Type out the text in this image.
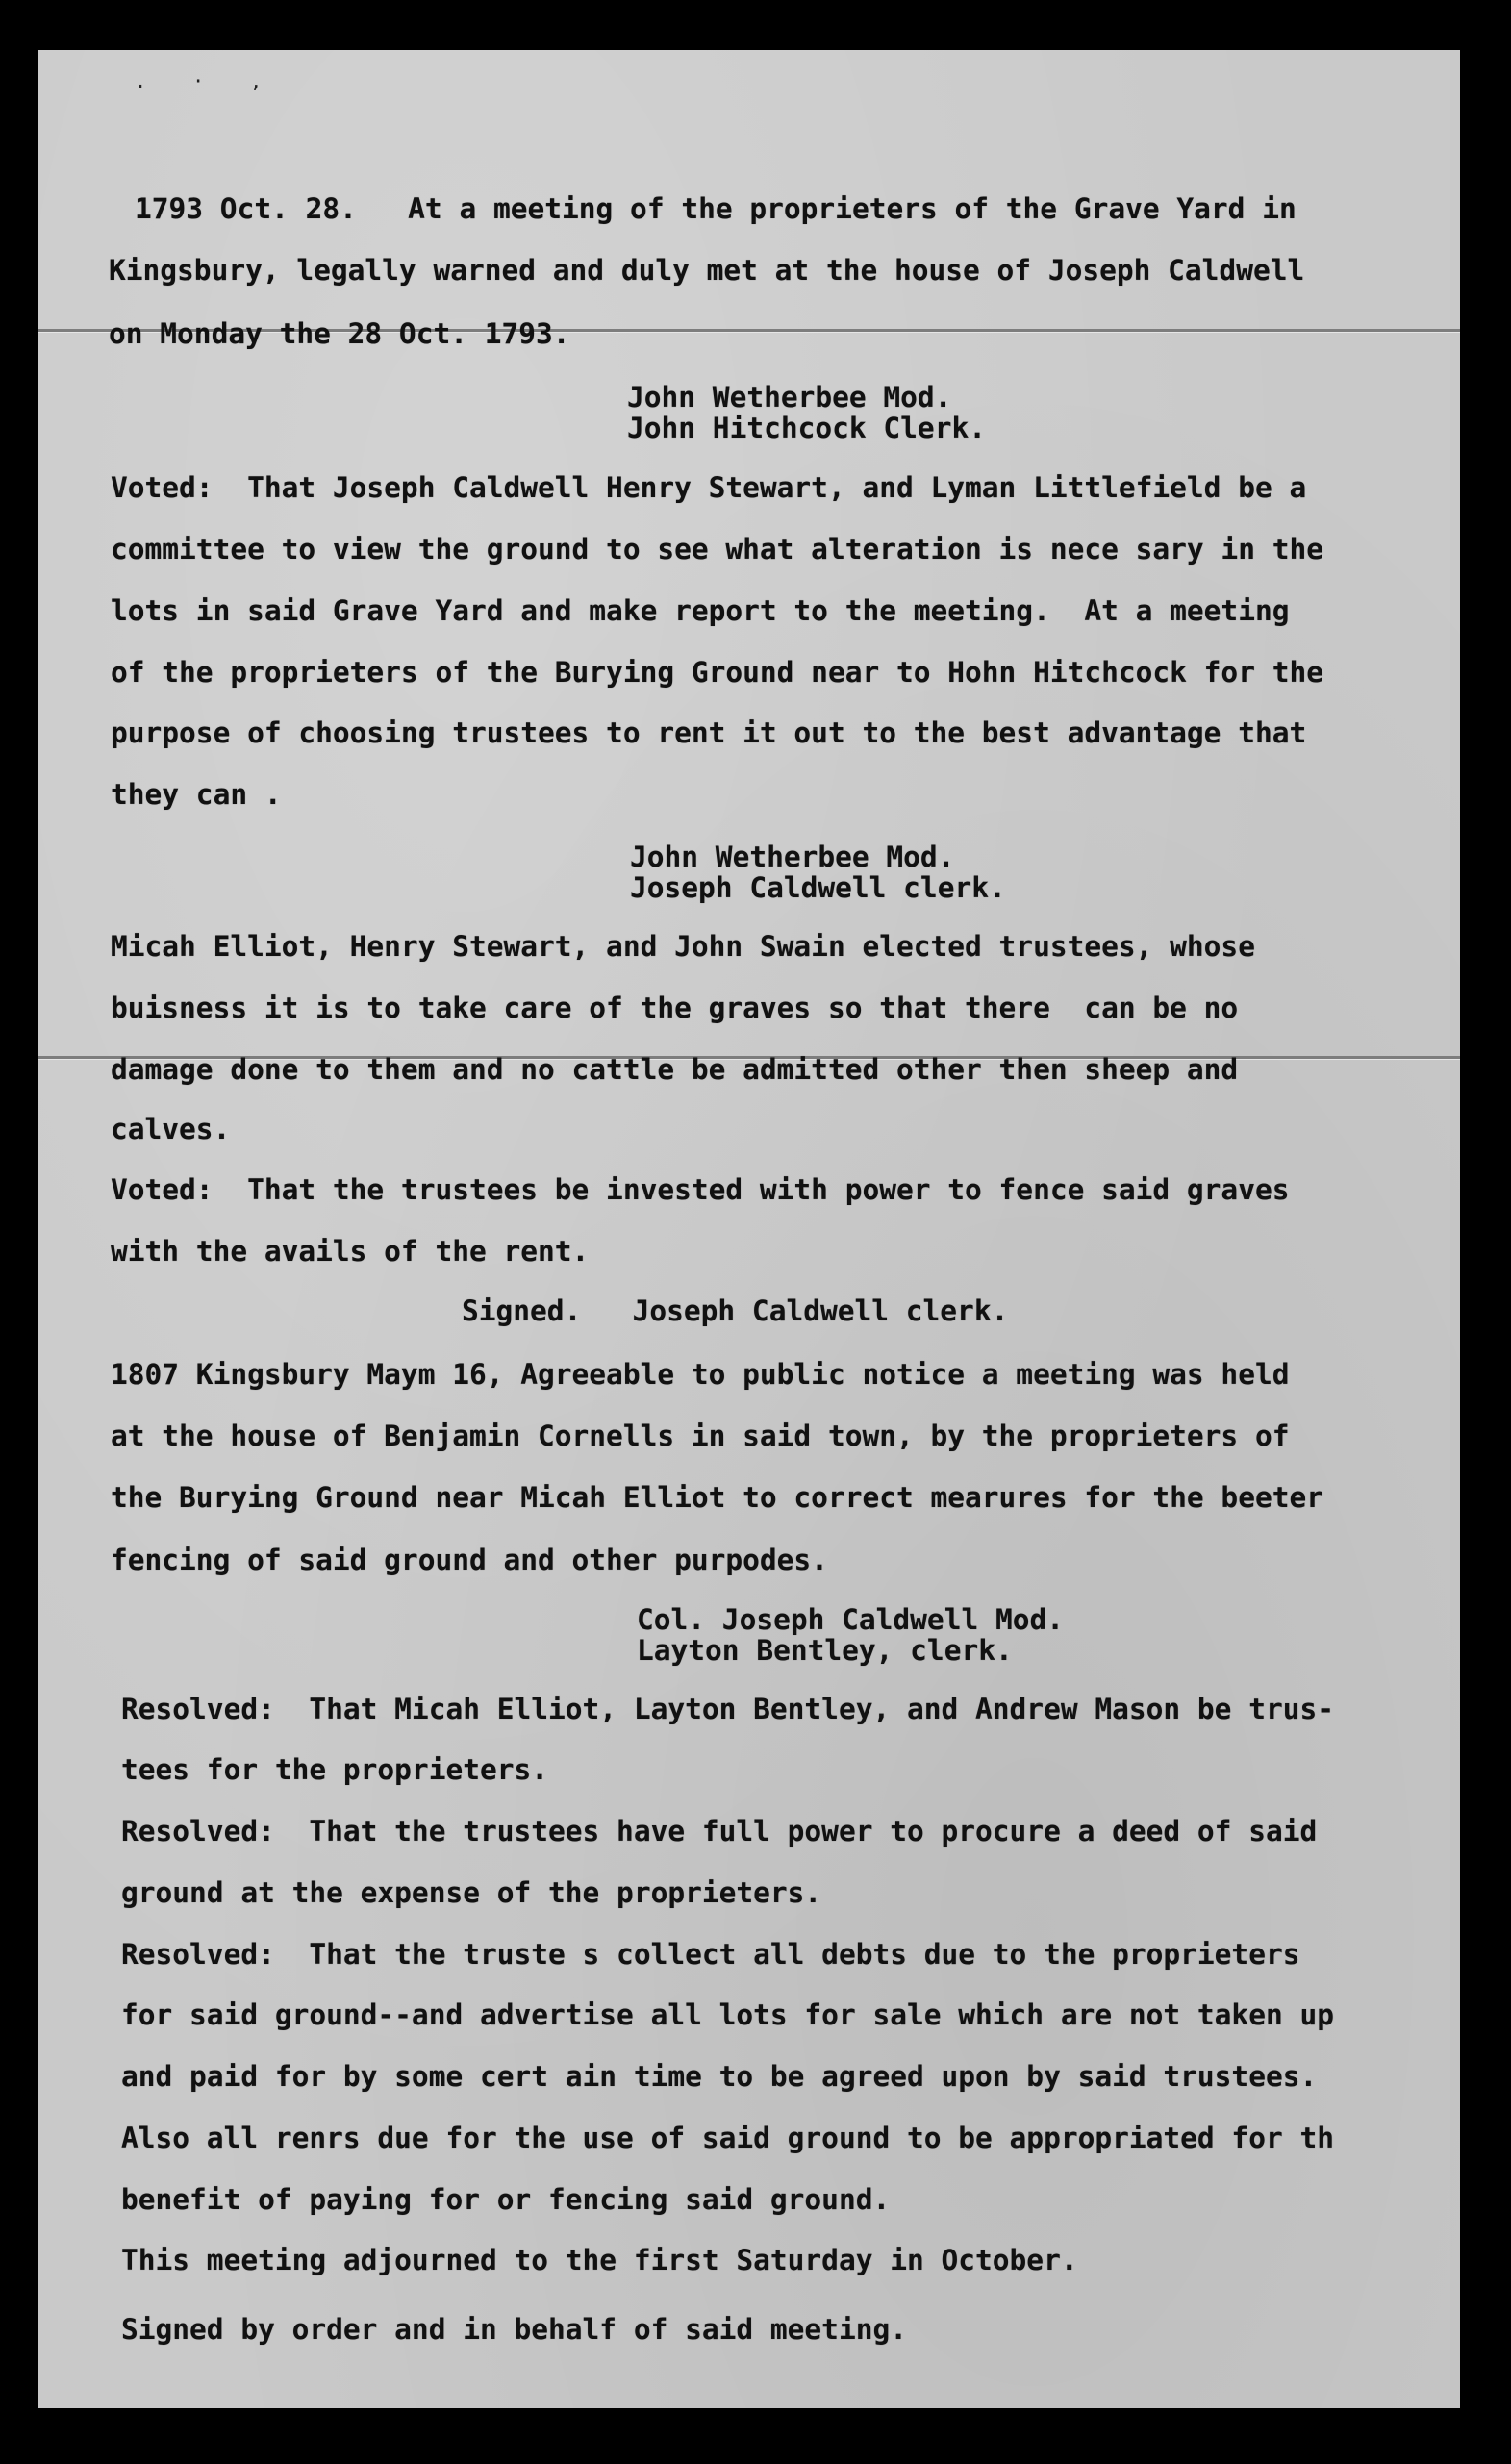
. · ,
1793 Oct. 28.   At a meeting of the proprieters of the Grave Yard in
Kingsbury, legally warned and duly met at the house of Joseph Caldwell
on Monday the 28 Oct. 1793.
John Wetherbee Mod.
John Hitchcock Clerk.
Voted:  That Joseph Caldwell Henry Stewart, and Lyman Littlefield be a
committee to view the ground to see what alteration is nece sary in the
lots in said Grave Yard and make report to the meeting.  At a meeting
of the proprieters of the Burying Ground near to Hohn Hitchcock for the
purpose of choosing trustees to rent it out to the best advantage that
they can .
John Wetherbee Mod.
Joseph Caldwell clerk.
Micah Elliot, Henry Stewart, and John Swain elected trustees, whose
buisness it is to take care of the graves so that there  can be no
damage done to them and no cattle be admitted other then sheep and
calves.
Voted:  That the trustees be invested with power to fence said graves
with the avails of the rent.
Signed.   Joseph Caldwell clerk.
1807 Kingsbury Maym 16, Agreeable to public notice a meeting was held
at the house of Benjamin Cornells in said town, by the proprieters of
the Burying Ground near Micah Elliot to correct mearures for the beeter
fencing of said ground and other purpodes.
Col. Joseph Caldwell Mod.
Layton Bentley, clerk.
Resolved:  That Micah Elliot, Layton Bentley, and Andrew Mason be trus-
tees for the proprieters.
Resolved:  That the trustees have full power to procure a deed of said
ground at the expense of the proprieters.
Resolved:  That the truste s collect all debts due to the proprieters
for said ground--and advertise all lots for sale which are not taken up
and paid for by some cert ain time to be agreed upon by said trustees.
Also all renrs due for the use of said ground to be appropriated for th
benefit of paying for or fencing said ground.
This meeting adjourned to the first Saturday in October.
Signed by order and in behalf of said meeting.
